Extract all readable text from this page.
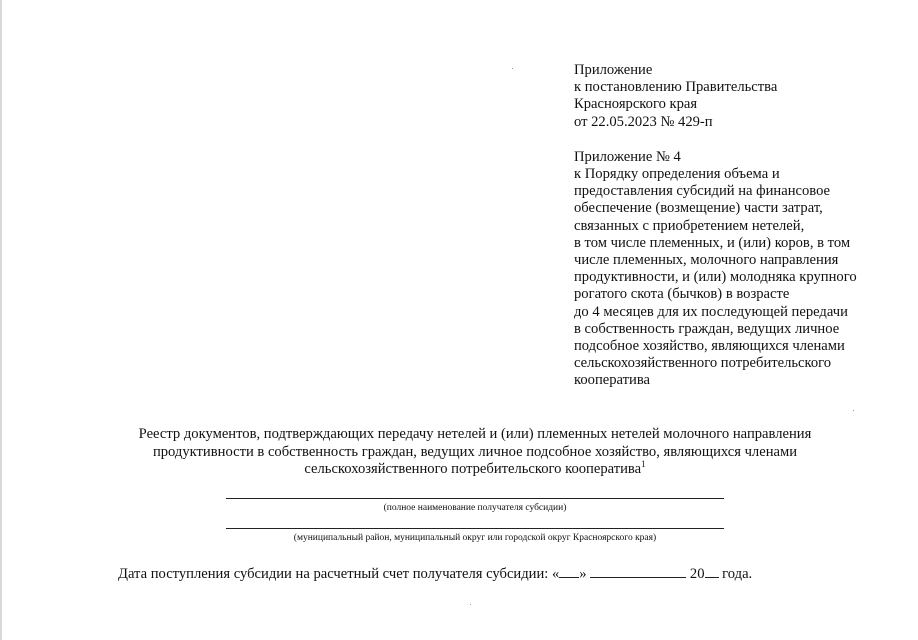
Приложение
к постановлению Правительства
Красноярского края
от 22.05.2023 № 429-п
Приложение № 4
к Порядку определения объема и
предоставления субсидий на финансовое
обеспечение (возмещение) части затрат,
связанных с приобретением нетелей,
в том числе племенных, и (или) коров, в том
числе племенных, молочного направления
продуктивности, и (или) молодняка крупного
рогатого скота (бычков) в возрасте
до 4 месяцев для их последующей передачи
в собственность граждан, ведущих личное
подсобное хозяйство, являющихся членами
сельскохозяйственного потребительского
кооператива
Реестр документов, подтверждающих передачу нетелей и (или) племенных нетелей молочного направления
продуктивности в собственность граждан, ведущих личное подсобное хозяйство, являющихся членами
сельскохозяйственного потребительского кооператива$^1$
(полное наименование получателя субсидии)
(муниципальный район, муниципальный округ или городской округ Красноярского края)
Дата поступления субсидии на расчетный счет получателя субсидии: « »	20 года.
